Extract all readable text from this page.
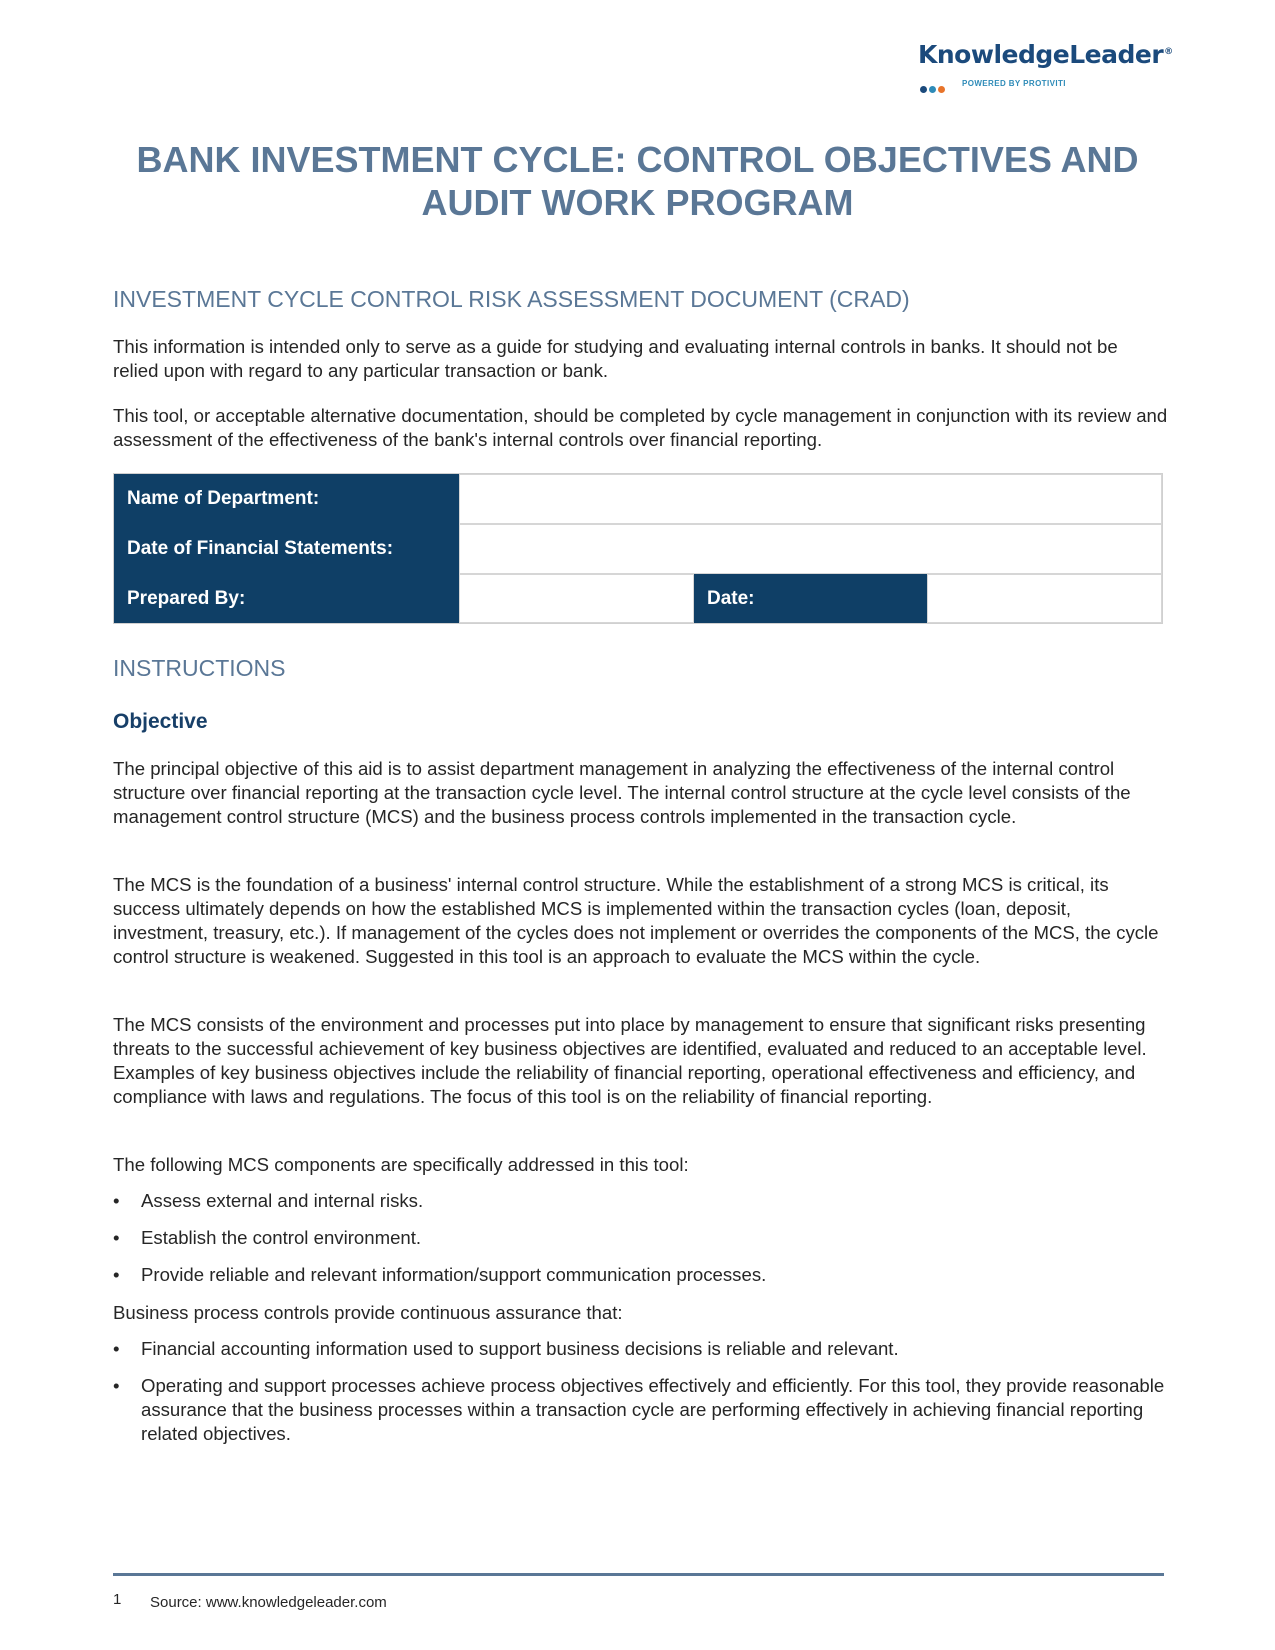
KnowledgeLeader®
POWERED BY PROTIVITI
BANK INVESTMENT CYCLE: CONTROL OBJECTIVES AND AUDIT WORK PROGRAM
INVESTMENT CYCLE CONTROL RISK ASSESSMENT DOCUMENT (CRAD)

This information is intended only to serve as a guide for studying and evaluating internal controls in banks. It should not be relied upon with regard to any particular transaction or bank.

This tool, or acceptable alternative documentation, should be completed by cycle management in conjunction with its review and assessment of the effectiveness of the bank's internal controls over financial reporting.

Name of Department:
Date of Financial Statements:
Prepared By:	Date:
INSTRUCTIONS
Objective

The principal objective of this aid is to assist department management in analyzing the effectiveness of the internal control structure over financial reporting at the transaction cycle level. The internal control structure at the cycle level consists of the management control structure (MCS) and the business process controls implemented in the transaction cycle.

The MCS is the foundation of a business' internal control structure. While the establishment of a strong MCS is critical, its success ultimately depends on how the established MCS is implemented within the transaction cycles (loan, deposit, investment, treasury, etc.). If management of the cycles does not implement or overrides the components of the MCS, the cycle control structure is weakened. Suggested in this tool is an approach to evaluate the MCS within the cycle.

The MCS consists of the environment and processes put into place by management to ensure that significant risks presenting threats to the successful achievement of key business objectives are identified, evaluated and reduced to an acceptable level. Examples of key business objectives include the reliability of financial reporting, operational effectiveness and efficiency, and compliance with laws and regulations. The focus of this tool is on the reliability of financial reporting.

The following MCS components are specifically addressed in this tool:

• Assess external and internal risks.
• Establish the control environment.
• Provide reliable and relevant information/support communication processes.

Business process controls provide continuous assurance that:

• Financial accounting information used to support business decisions is reliable and relevant.
• Operating and support processes achieve process objectives effectively and efficiently. For this tool, they provide reasonable assurance that the business processes within a transaction cycle are performing effectively in achieving financial reporting related objectives.
1 Source: www.knowledgeleader.com
